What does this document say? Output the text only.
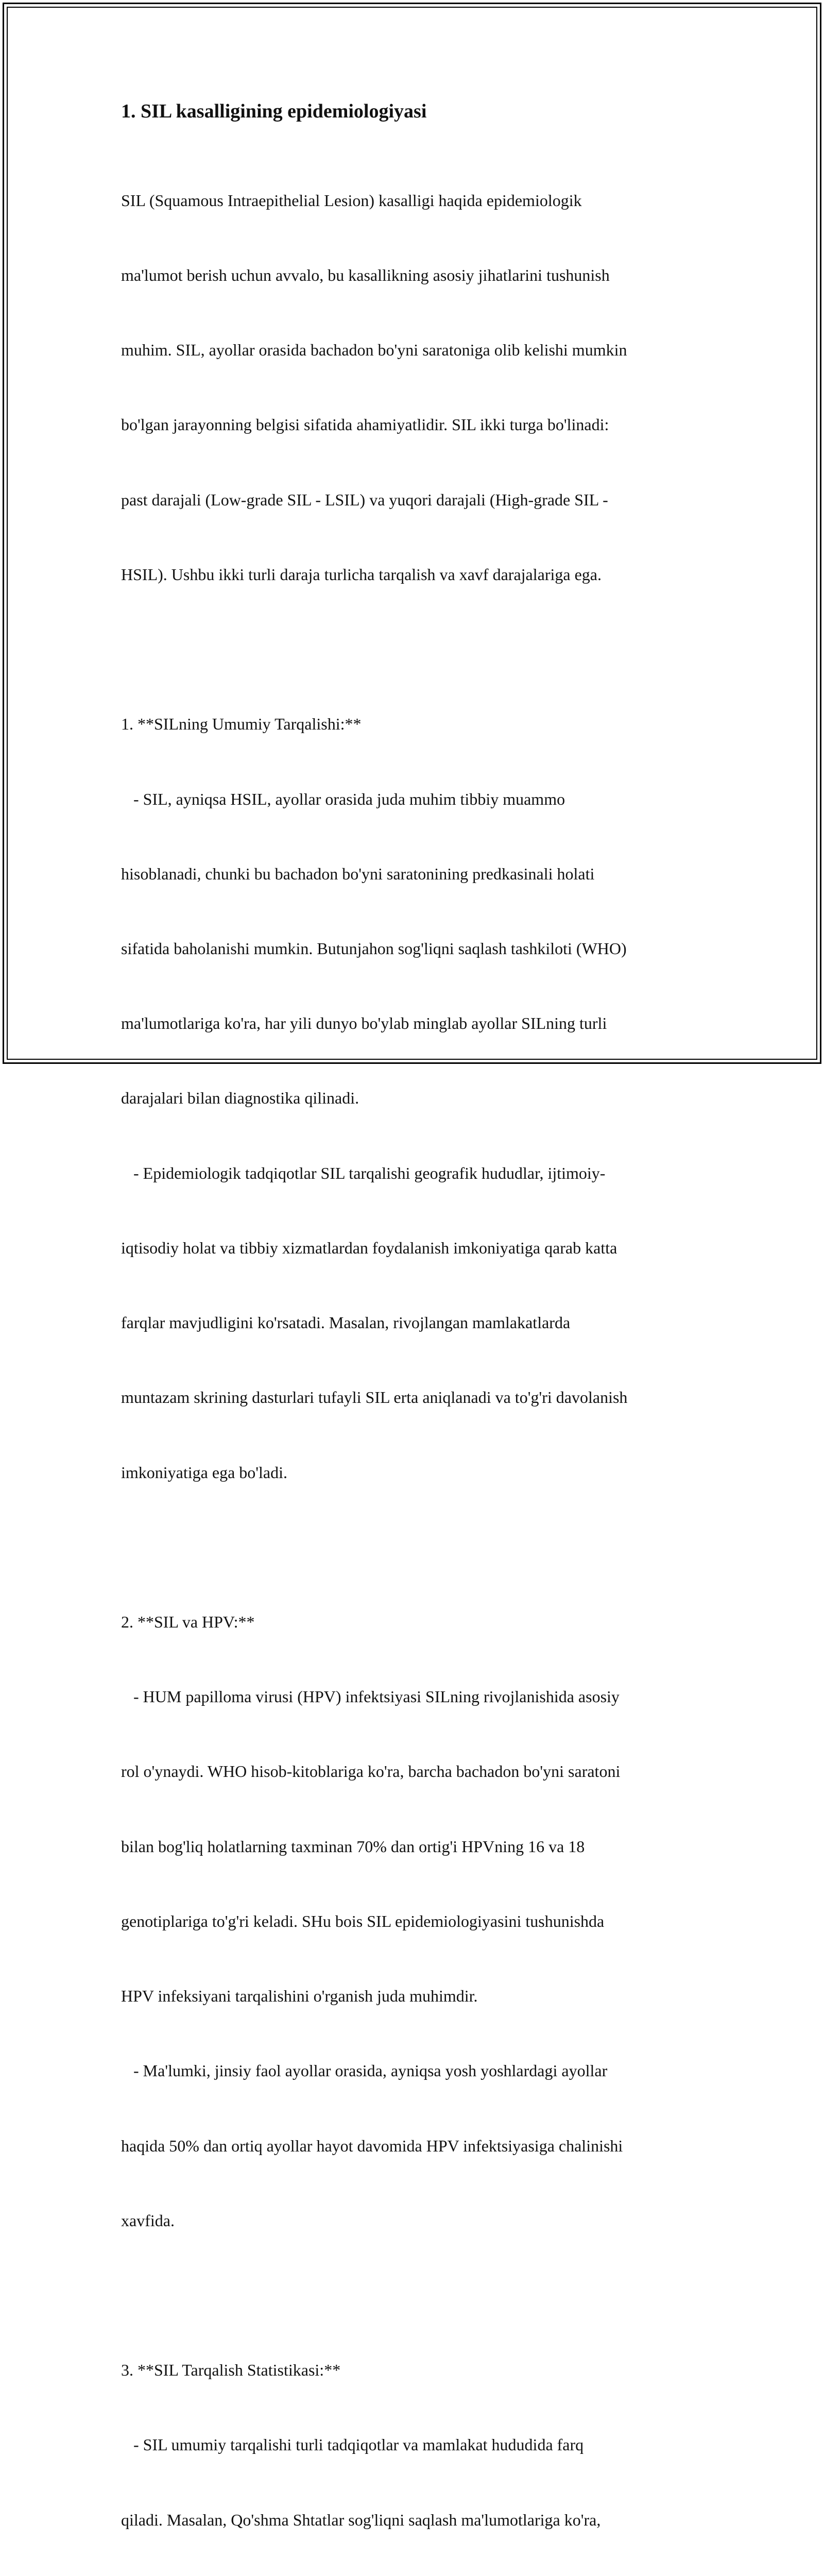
1. SIL kasalligining epidemiologiyasi

SIL (Squamous Intraepithelial Lesion) kasalligi haqida epidemiologik

ma'lumot berish uchun avvalo, bu kasallikning asosiy jihatlarini tushunish

muhim. SIL, ayollar orasida bachadon bo'yni saratoniga olib kelishi mumkin

bo'lgan jarayonning belgisi sifatida ahamiyatlidir. SIL ikki turga bo'linadi:

past darajali (Low-grade SIL - LSIL) va yuqori darajali (High-grade SIL -

HSIL). Ushbu ikki turli daraja turlicha tarqalish va xavf darajalariga ega.

1. **SILning Umumiy Tarqalishi:**

- SIL, ayniqsa HSIL, ayollar orasida juda muhim tibbiy muammo

hisoblanadi, chunki bu bachadon bo'yni saratonining predkasinali holati

sifatida baholanishi mumkin. Butunjahon sog'liqni saqlash tashkiloti (WHO)

ma'lumotlariga ko'ra, har yili dunyo bo'ylab minglab ayollar SILning turli

darajalari bilan diagnostika qilinadi.

- Epidemiologik tadqiqotlar SIL tarqalishi geografik hududlar, ijtimoiy-

iqtisodiy holat va tibbiy xizmatlardan foydalanish imkoniyatiga qarab katta

farqlar mavjudligini ko'rsatadi. Masalan, rivojlangan mamlakatlarda

muntazam skrining dasturlari tufayli SIL erta aniqlanadi va to'g'ri davolanish

imkoniyatiga ega bo'ladi.

2. **SIL va HPV:**

- HUM papilloma virusi (HPV) infektsiyasi SILning rivojlanishida asosiy

rol o'ynaydi. WHO hisob-kitoblariga ko'ra, barcha bachadon bo'yni saratoni

bilan bog'liq holatlarning taxminan 70% dan ortig'i HPVning 16 va 18

genotiplariga to'g'ri keladi. SHu bois SIL epidemiologiyasini tushunishda

HPV infeksiyani tarqalishini o'rganish juda muhimdir.

- Ma'lumki, jinsiy faol ayollar orasida, ayniqsa yosh yoshlardagi ayollar

haqida 50% dan ortiq ayollar hayot davomida HPV infektsiyasiga chalinishi

xavfida.

3. **SIL Tarqalish Statistikasi:**

- SIL umumiy tarqalishi turli tadqiqotlar va mamlakat hududida farq

qiladi. Masalan, Qo'shma Shtatlar sog'liqni saqlash ma'lumotlariga ko'ra,
